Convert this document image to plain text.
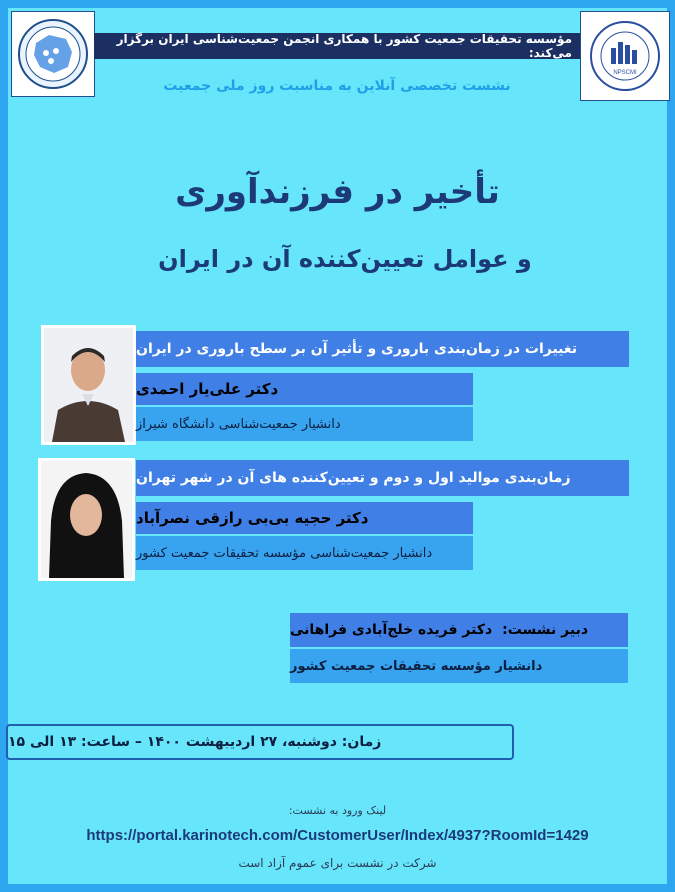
NPSCMI
مؤسسه تحقیقات جمعیت کشور با همکاری انجمن جمعیت‌شناسی ایران برگزار می‌کند:
نشست تخصصی آنلاین به مناسبت روز ملی جمعیت
تأخیر در فرزندآوری
و عوامل تعیین‌کننده آن در ایران
تغییرات در زمان‌بندی باروری و تأثیر آن بر سطح باروری در ایران
دکتر علی‌یار احمدی
دانشیار جمعیت‌شناسی دانشگاه شیراز
زمان‌بندی موالید اول و دوم و تعیین‌کننده های آن در شهر تهران
دکتر حجیه بی‌بی رازقی نصرآباد
دانشیار جمعیت‌شناسی مؤسسه تحقیقات جمعیت کشور
دبیر نشست:
دکتر فریده خلج‌آبادی فراهانی
دانشیار مؤسسه تحقیقات جمعیت کشور
زمان: دوشنبه، ۲۷ اردیبهشت ۱۴۰۰ – ساعت: ۱۳ الی ۱۵
لینک ورود به نشست:
https://portal.karinotech.com/CustomerUser/Index/4937?RoomId=1429
شرکت در نشست برای عموم آزاد است
